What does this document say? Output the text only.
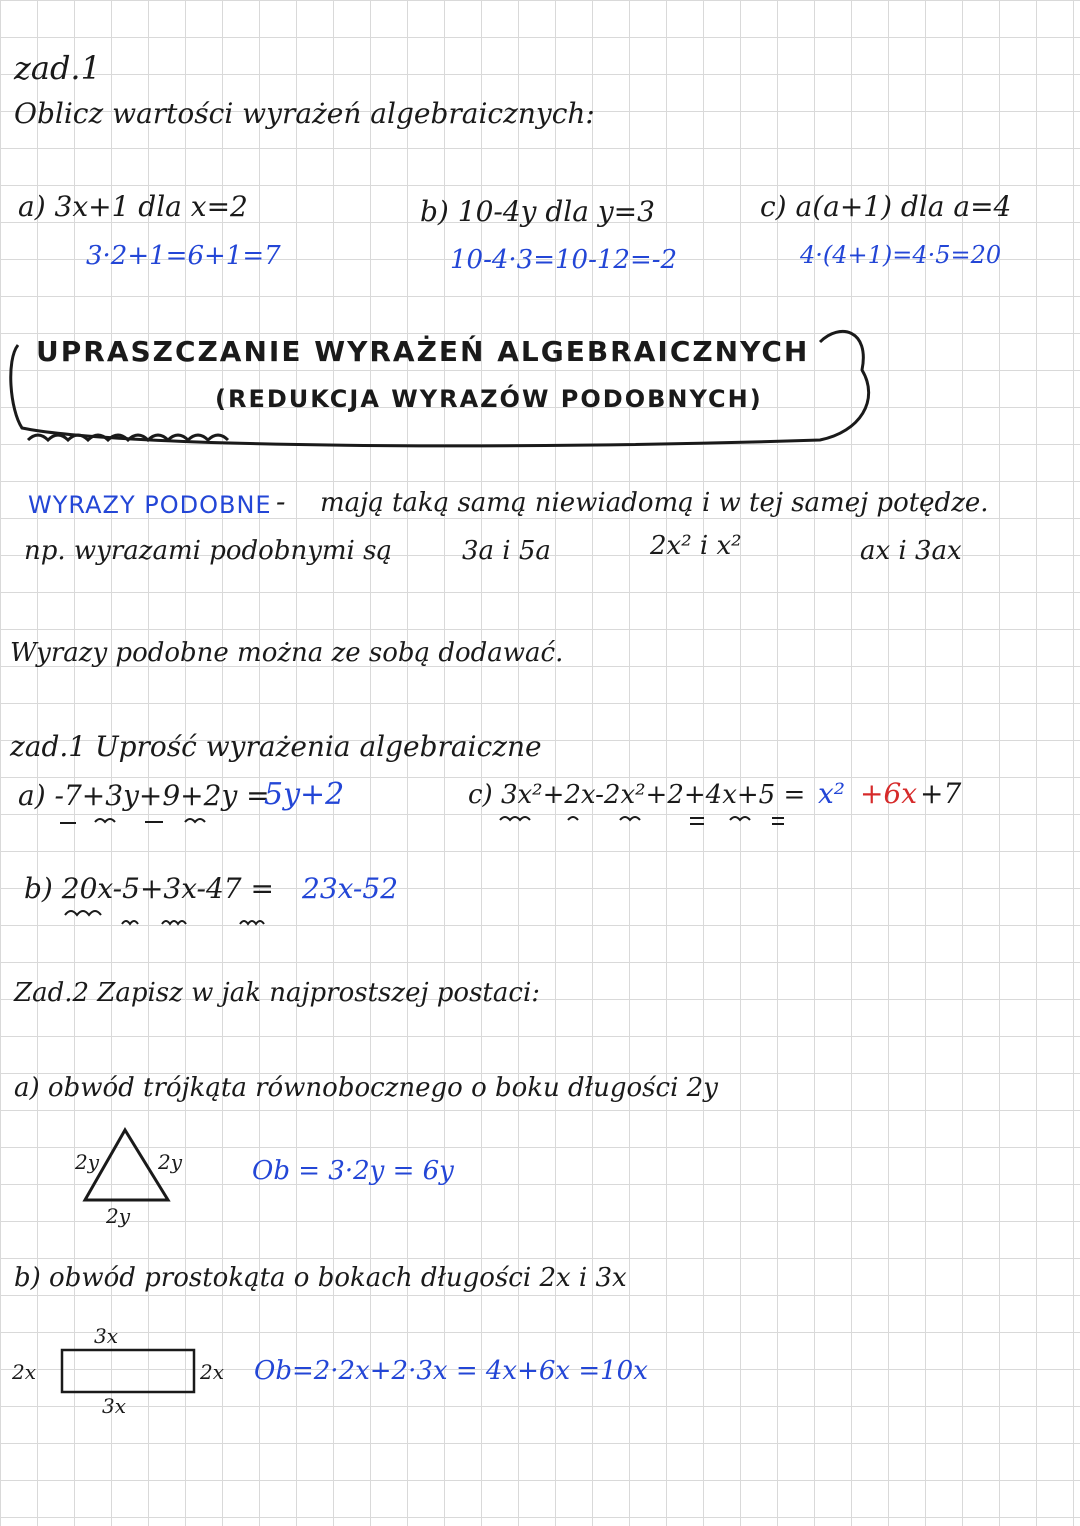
zad.1
Oblicz wartości wyrażeń algebraicznych:
a) 3x+1 dla x=2
3·2+1=6+1=7
b) 10-4y dla y=3
10-4·3=10-12=-2
c) a(a+1) dla a=4
4·(4+1)=4·5=20
UPRASZCZANIE WYRAŻEŃ ALGEBRAICZNYCH
(REDUKCJA WYRAZÓW PODOBNYCH)
WYRAZY PODOBNE - mają taką samą niewiadomą i w tej samej potędze.
np. wyrazami podobnymi są	3a i 5a	2x² i x²	ax i 3ax
Wyrazy podobne można ze sobą dodawać.
zad.1 Uprość wyrażenia algebraiczne
a) -7+3y+9+2y =
5y+2	c) 3x²+2x-2x²+2+4x+5 = x² +6x +7
b) 20x-5+3x-47 = 23x-52
Zad.2 Zapisz w jak najprostszej postaci:
a) obwód trójkąta równobocznego o boku długości 2y
2y	2y
2y
Ob = 3·2y = 6y
b) obwód prostokąta o bokach długości 2x i 3x
3x
3x
2x	2x Ob=2·2x+2·3x = 4x+6x =10x
